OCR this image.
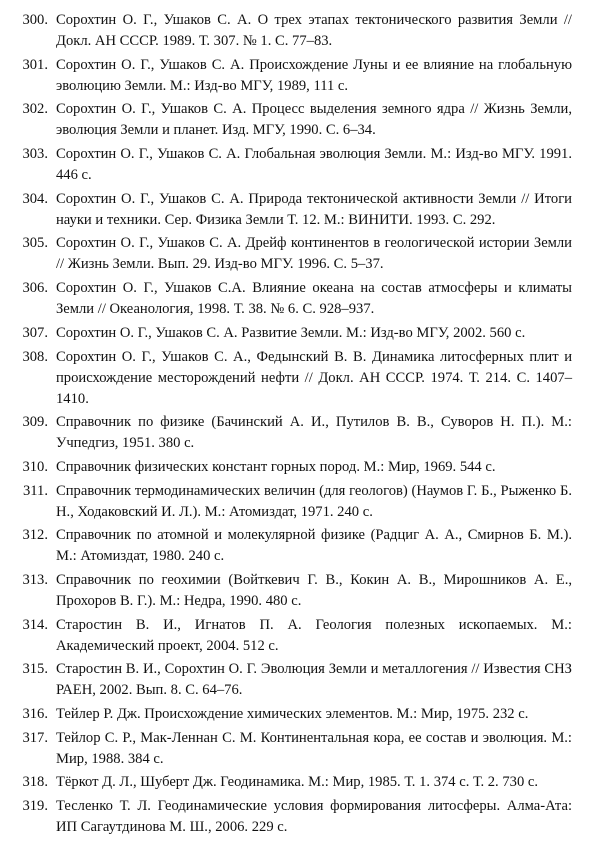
300. Сорохтин О. Г., Ушаков С. А. О трех этапах тектонического развития Земли // Докл. АН СССР. 1989. Т. 307. № 1. С. 77–83.
301. Сорохтин О. Г., Ушаков С. А. Происхождение Луны и ее влияние на глобальную эволюцию Земли. М.: Изд-во МГУ, 1989, 111 с.
302. Сорохтин О. Г., Ушаков С. А. Процесс выделения земного ядра // Жизнь Земли, эволюция Земли и планет. Изд. МГУ, 1990. С. 6–34.
303. Сорохтин О. Г., Ушаков С. А. Глобальная эволюция Земли. М.: Изд-во МГУ. 1991. 446 с.
304. Сорохтин О. Г., Ушаков С. А. Природа тектонической активности Земли // Итоги науки и техники. Сер. Физика Земли Т. 12. М.: ВИНИТИ. 1993. С. 292.
305. Сорохтин О. Г., Ушаков С. А. Дрейф континентов в геологической истории Земли // Жизнь Земли. Вып. 29. Изд-во МГУ. 1996. С. 5–37.
306. Сорохтин О. Г., Ушаков С.А. Влияние океана на состав атмосферы и климаты Земли // Океанология, 1998. Т. 38. № 6. С. 928–937.
307. Сорохтин О. Г., Ушаков С. А. Развитие Земли. М.: Изд-во МГУ, 2002. 560 с.
308. Сорохтин О. Г., Ушаков С. А., Федынский В. В. Динамика литосферных плит и происхождение месторождений нефти // Докл. АН СССР. 1974. Т. 214. С. 1407–1410.
309. Справочник по физике (Бачинский А. И., Путилов В. В., Суворов Н. П.). М.: Учпедгиз, 1951. 380 с.
310. Справочник физических констант горных пород. М.: Мир, 1969. 544 с.
311. Справочник термодинамических величин (для геологов) (Наумов Г. Б., Рыженко Б. Н., Ходаковский И. Л.). М.: Атомиздат, 1971. 240 с.
312. Справочник по атомной и молекулярной физике (Радциг А. А., Смирнов Б. М.). М.: Атомиздат, 1980. 240 с.
313. Справочник по геохимии (Войткевич Г. В., Кокин А. В., Мирошников А. Е., Прохоров В. Г.). М.: Недра, 1990. 480 с.
314. Старостин В. И., Игнатов П. А. Геология полезных ископаемых. М.: Академический проект, 2004. 512 с.
315. Старостин В. И., Сорохтин О. Г. Эволюция Земли и металлогения // Известия СНЗ РАЕН, 2002. Вып. 8. С. 64–76.
316. Тейлер Р. Дж. Происхождение химических элементов. М.: Мир, 1975. 232 с.
317. Тейлор С. Р., Мак-Леннан С. М. Континентальная кора, ее состав и эволюция. М.: Мир, 1988. 384 с.
318. Тёркот Д. Л., Шуберт Дж. Геодинамика. М.: Мир, 1985. Т. 1. 374 с. Т. 2. 730 с.
319. Тесленко Т. Л. Геодинамические условия формирования литосферы. Алма-Ата: ИП Сагаутдинова М. Ш., 2006. 229 с.
